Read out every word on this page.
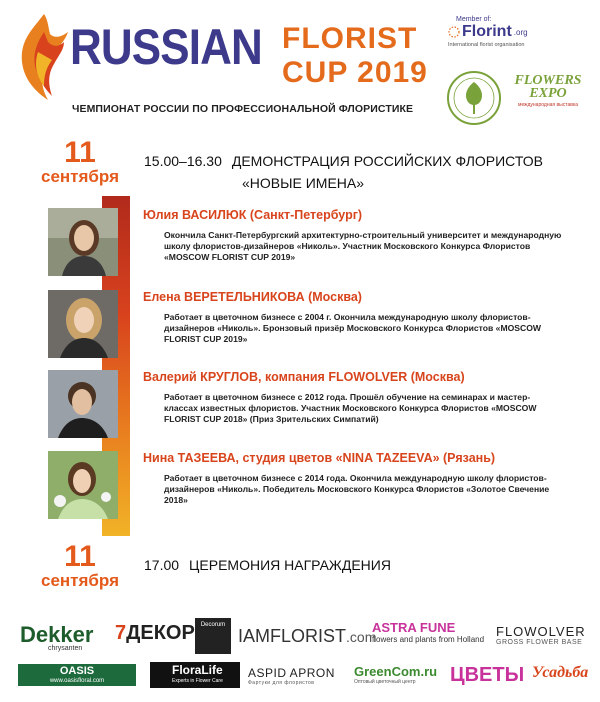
RUSSIAN FLORIST
CUP 2019
ЧЕМПИОНАТ РОССИИ ПО ПРОФЕССИОНАЛЬНОЙ ФЛОРИСТИКЕ
Member of:
Florint .org
International florist organisation
FLOWERS EXPO
международная выставка
11
сентября
15.00–16.30 ДЕМОНСТРАЦИЯ РОССИЙСКИХ ФЛОРИСТОВ
«НОВЫЕ ИМЕНА»
Юлия ВАСИЛЮК (Санкт-Петербург)
Окончила Санкт-Петербургский архитектурно-строительный университет и международную школу флористов-дизайнеров «Николь». Участник Московского Конкурса Флористов «MOSCOW FLORIST CUP 2019»
Елена ВЕРЕТЕЛЬНИКОВА (Москва)
Работает в цветочном бизнесе с 2004 г. Окончила международную школу флористов-дизайнеров «Николь». Бронзовый призёр Московского Конкурса Флористов «MOSCOW FLORIST CUP 2019»
Валерий КРУГЛОВ, компания FLOWOLVER (Москва)
Работает в цветочном бизнесе с 2012 года. Прошёл обучение на семинарах и мастер-классах известных флористов. Участник Московского Конкурса Флористов «MOSCOW FLORIST CUP 2018» (Приз Зрительских Симпатий)
Нина ТАЗЕЕВА, студия цветов «NINA TAZEEVA» (Рязань)
Работает в цветочном бизнесе с 2014 года. Окончила международную школу флористов-дизайнеров «Николь». Победитель Московского Конкурса Флористов «Золотое Свечение 2018»
11
сентября
17.00 ЦЕРЕМОНИЯ НАГРАЖДЕНИЯ
Dekker
chrysanten
7ДЕКОР	Decorum
IAMFLORIST.com
ASTRA FUNE
flowers and plants from Holland
FLOWOLVER
GROSS FLOWER BASE
OASIS
www.oasisfloral.com
FloraLife
Experts in Flower Care
ASPID APRON
Фартуки для флористов
GreenCom.ru
Оптовый цветочный центр	ЦВЕТЫ Усадьба
